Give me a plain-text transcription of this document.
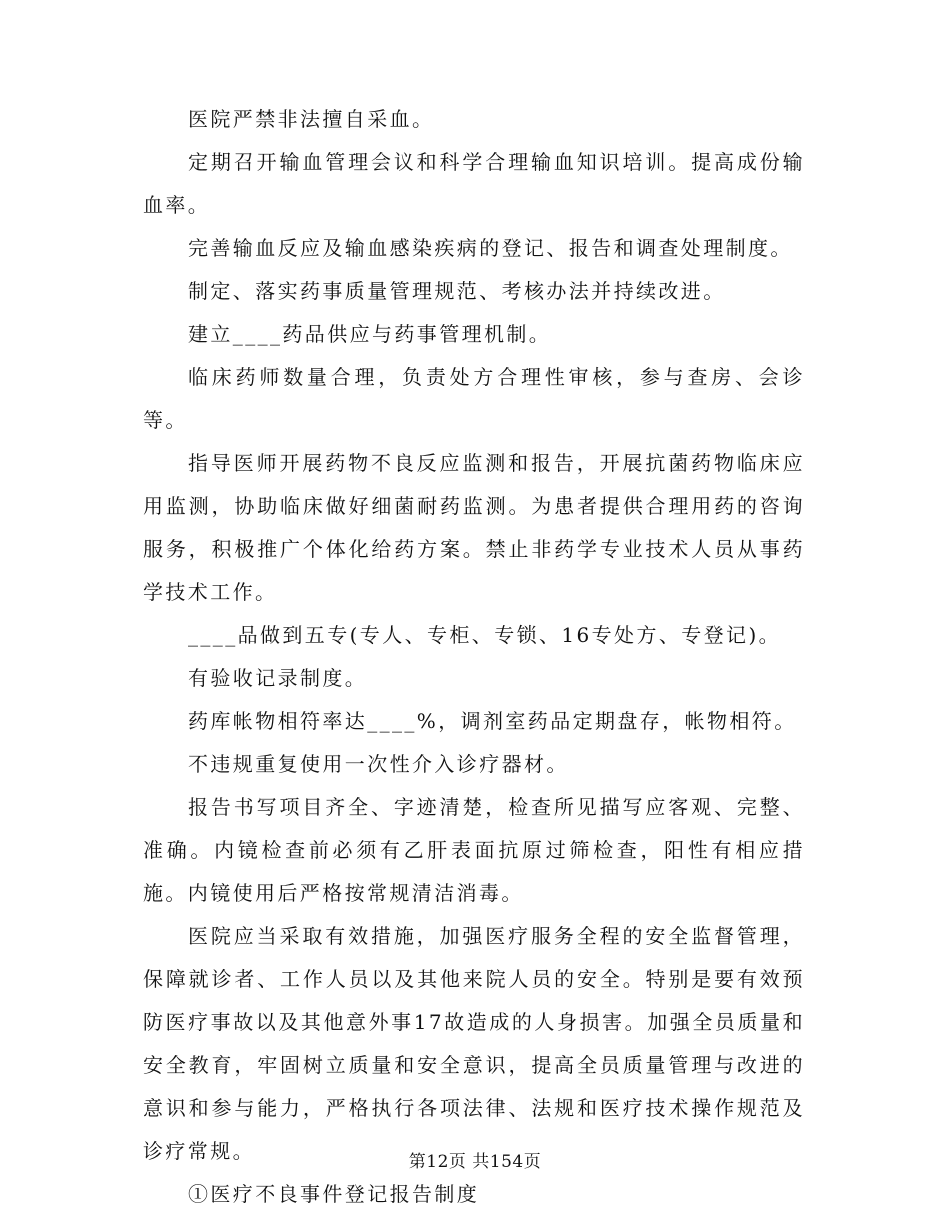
医院严禁非法擅自采血。

定期召开输血管理会议和科学合理输血知识培训。提高成份输血率。

完善输血反应及输血感染疾病的登记、报告和调查处理制度。

制定、落实药事质量管理规范、考核办法并持续改进。

建立____药品供应与药事管理机制。

临床药师数量合理，负责处方合理性审核，参与查房、会诊等。

指导医师开展药物不良反应监测和报告，开展抗菌药物临床应用监测，协助临床做好细菌耐药监测。为患者提供合理用药的咨询服务，积极推广个体化给药方案。禁止非药学专业技术人员从事药学技术工作。

____品做到五专(专人、专柜、专锁、16专处方、专登记)。

有验收记录制度。

药库帐物相符率达____%，调剂室药品定期盘存，帐物相符。

不违规重复使用一次性介入诊疗器材。

报告书写项目齐全、字迹清楚，检查所见描写应客观、完整、准确。内镜检查前必须有乙肝表面抗原过筛检查，阳性有相应措施。内镜使用后严格按常规清洁消毒。

医院应当采取有效措施，加强医疗服务全程的安全监督管理，保障就诊者、工作人员以及其他来院人员的安全。特别是要有效预防医疗事故以及其他意外事17故造成的人身损害。加强全员质量和安全教育，牢固树立质量和安全意识，提高全员质量管理与改进的意识和参与能力，严格执行各项法律、法规和医疗技术操作规范及诊疗常规。

①医疗不良事件登记报告制度

第12页 共154页
